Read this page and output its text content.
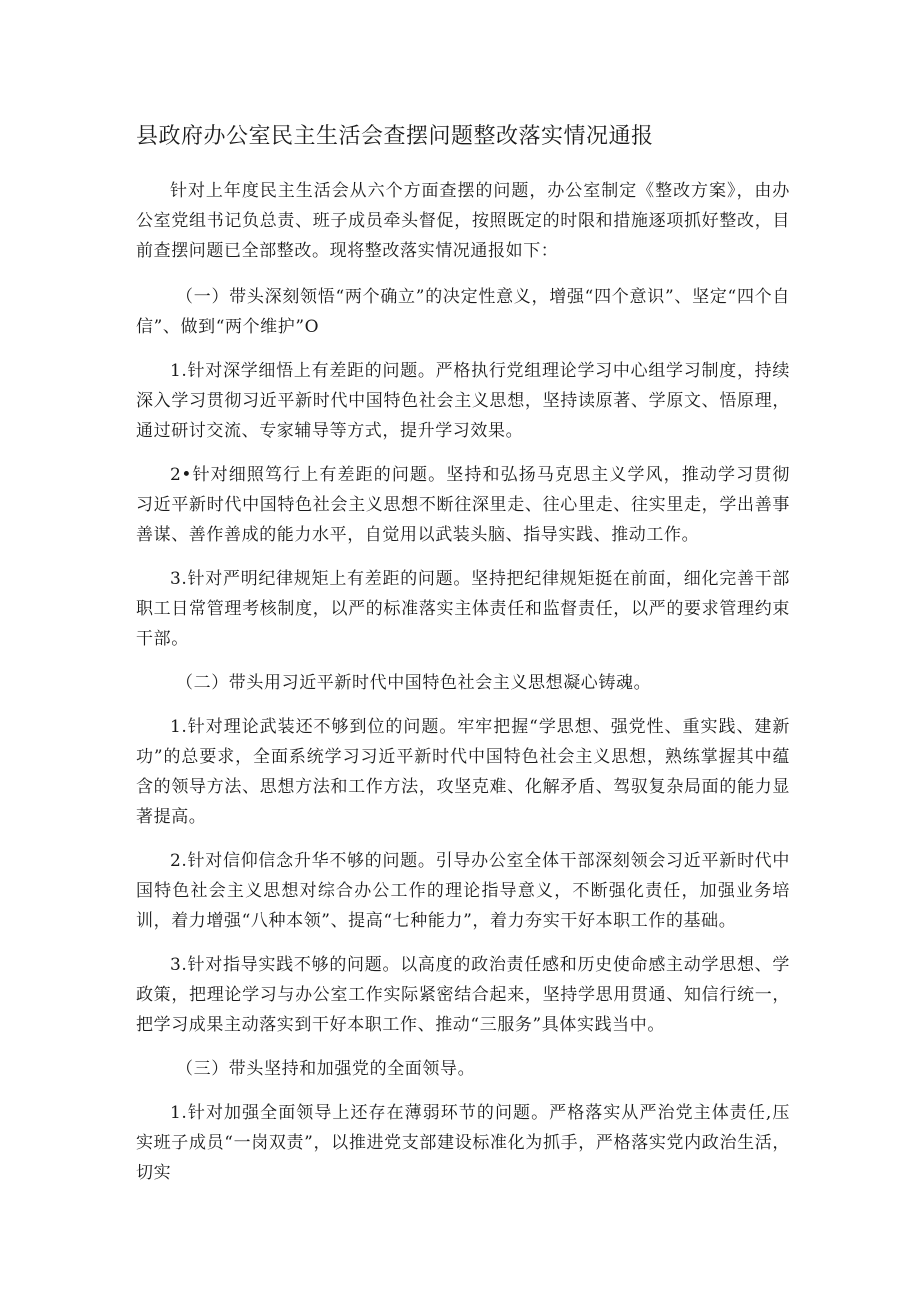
县政府办公室民主生活会查摆问题整改落实情况通报

针对上年度民主生活会从六个方面查摆的问题，办公室制定《整改方案》，由办公室党组书记负总责、班子成员牵头督促，按照既定的时限和措施逐项抓好整改，目前查摆问题已全部整改。现将整改落实情况通报如下：

（一）带头深刻领悟“两个确立”的决定性意义，增强“四个意识”、坚定“四个自信”、做到“两个维护”O

1.针对深学细悟上有差距的问题。严格执行党组理论学习中心组学习制度，持续深入学习贯彻习近平新时代中国特色社会主义思想，坚持读原著、学原文、悟原理，通过研讨交流、专家辅导等方式，提升学习效果。

2•针对细照笃行上有差距的问题。坚持和弘扬马克思主义学风，推动学习贯彻习近平新时代中国特色社会主义思想不断往深里走、往心里走、往实里走，学出善事善谋、善作善成的能力水平，自觉用以武装头脑、指导实践、推动工作。

3.针对严明纪律规矩上有差距的问题。坚持把纪律规矩挺在前面，细化完善干部职工日常管理考核制度，以严的标准落实主体责任和监督责任，以严的要求管理约束干部。

（二）带头用习近平新时代中国特色社会主义思想凝心铸魂。

1.针对理论武装还不够到位的问题。牢牢把握“学思想、强党性、重实践、建新功”的总要求，全面系统学习习近平新时代中国特色社会主义思想，熟练掌握其中蕴含的领导方法、思想方法和工作方法，攻坚克难、化解矛盾、驾驭复杂局面的能力显著提高。

2.针对信仰信念升华不够的问题。引导办公室全体干部深刻领会习近平新时代中国特色社会主义思想对综合办公工作的理论指导意义，不断强化责任，加强业务培训，着力增强“八种本领”、提高“七种能力”，着力夯实干好本职工作的基础。

3.针对指导实践不够的问题。以高度的政治责任感和历史使命感主动学思想、学政策，把理论学习与办公室工作实际紧密结合起来，坚持学思用贯通、知信行统一，把学习成果主动落实到干好本职工作、推动“三服务”具体实践当中。

（三）带头坚持和加强党的全面领导。

1.针对加强全面领导上还存在薄弱环节的问题。严格落实从严治党主体责任,压实班子成员“一岗双责”，以推进党支部建设标准化为抓手，严格落实党内政治生活，切实
